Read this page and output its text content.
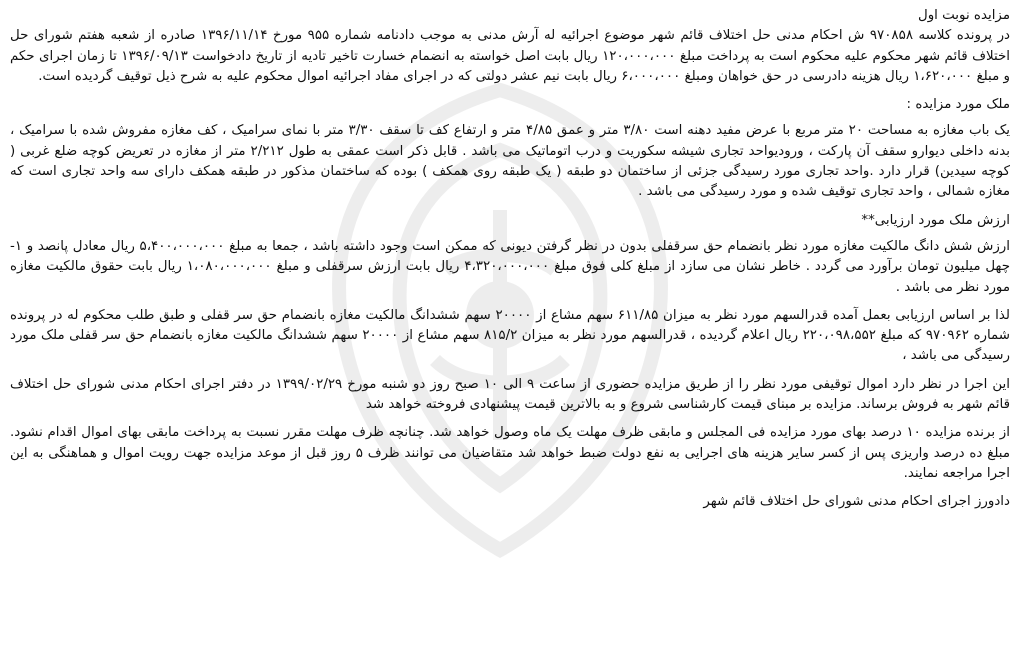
مزایده نوبت اول

در پرونده کلاسه ۹۷۰۸۵۸ ش احکام مدنی حل اختلاف قائم شهر موضوع اجرائیه له آرش مدنی به موجب دادنامه شماره ۹۵۵ مورخ ۱۳۹۶/۱۱/۱۴ صادره از شعبه هفتم شورای حل اختلاف قائم شهر محکوم علیه محکوم است به پرداخت مبلغ ۱۲۰،۰۰۰،۰۰۰ ریال بابت اصل خواسته به انضمام خسارت تاخیر تادیه از تاریخ دادخواست ۱۳۹۶/۰۹/۱۳ تا زمان اجرای حکم و مبلغ ۱،۶۲۰،۰۰۰ ریال هزینه دادرسی در حق خواهان ومبلغ ۶،۰۰۰،۰۰۰ ریال بابت نیم عشر دولتی که در اجرای مفاد اجرائیه اموال محکوم علیه به شرح ذیل توقیف گردیده است.

ملک مورد مزایده :

یک باب مغازه به مساحت ۲۰ متر مربع با عرض مفید دهنه است ۳/۸۰ متر و عمق ۴/۸۵ متر و ارتفاع کف تا سقف ۳/۳۰ متر با نمای سرامیک ، کف مغازه مفروش شده با سرامیک ، بدنه داخلی دیوارو سقف آن پارکت ، ورودیواحد تجاری شیشه سکوریت و درب اتوماتیک می باشد . قابل ذکر است عمقی به طول ۲/۲۱۲ متر از مغازه در تعریض کوچه ضلع غربی ( کوچه سیدین) قرار دارد .واحد تجاری مورد رسیدگی جزئی از ساختمان دو طبقه ( یک طبقه روی همکف ) بوده که ساختمان مذکور در طبقه همکف دارای سه واحد تجاری است که مغازه شمالی ، واحد تجاری توقیف شده و مورد رسیدگی می باشد .

ارزش ملک مورد ارزیابی**

ارزش شش دانگ مالکیت مغازه مورد نظر بانضمام حق سرقفلی بدون در نظر گرفتن دیونی که ممکن است وجود داشته باشد ، جمعا به مبلغ ۵،۴۰۰،۰۰۰،۰۰۰ ریال معادل پانصد و ۱- چهل میلیون تومان برآورد می گردد . خاطر نشان می سازد از مبلغ کلی فوق مبلغ ۴،۳۲۰،۰۰۰،۰۰۰ ریال بابت ارزش سرقفلی و مبلغ ۱،۰۸۰،۰۰۰،۰۰۰ ریال بابت حقوق مالکیت مغازه مورد نظر می باشد .

لذا بر اساس ارزیابی بعمل آمده قدرالسهم مورد نظر به میزان ۶۱۱/۸۵ سهم مشاع از ۲۰۰۰۰ سهم ششدانگ مالکیت مغازه بانضمام حق سر قفلی و طبق طلب محکوم له در پرونده شماره ۹۷۰۹۶۲ که مبلغ ۲۲۰،۰۹۸،۵۵۲ ریال اعلام گردیده ، قدرالسهم مورد نظر به میزان ۸۱۵/۲ سهم مشاع از ۲۰۰۰۰ سهم ششدانگ مالکیت مغازه بانضمام حق سر قفلی ملک مورد رسیدگی می باشد ،

این اجرا در نظر دارد اموال توقیفی مورد نظر را از طریق مزایده حضوری از ساعت ۹ الی ۱۰ صبح روز دو شنبه مورخ ۱۳۹۹/۰۲/۲۹ در دفتر اجرای احکام مدنی شورای حل اختلاف قائم شهر به فروش برساند. مزایده بر مبنای قیمت کارشناسی شروع و به بالاترین قیمت پیشنهادی فروخته خواهد شد

از برنده مزایده ۱۰ درصد بهای مورد مزایده فی المجلس و مابقی ظرف مهلت یک ماه وصول خواهد شد. چنانچه ظرف مهلت مقرر نسبت به پرداخت مابقی بهای اموال اقدام نشود. مبلغ ده درصد واریزی پس از کسر سایر هزینه های اجرایی به نفع دولت ضبط خواهد شد متقاضیان می توانند ظرف ۵ روز قبل از موعد مزایده جهت رویت اموال و هماهنگی به این اجرا مراجعه نمایند.

دادورز اجرای احکام مدنی شورای حل اختلاف قائم شهر
